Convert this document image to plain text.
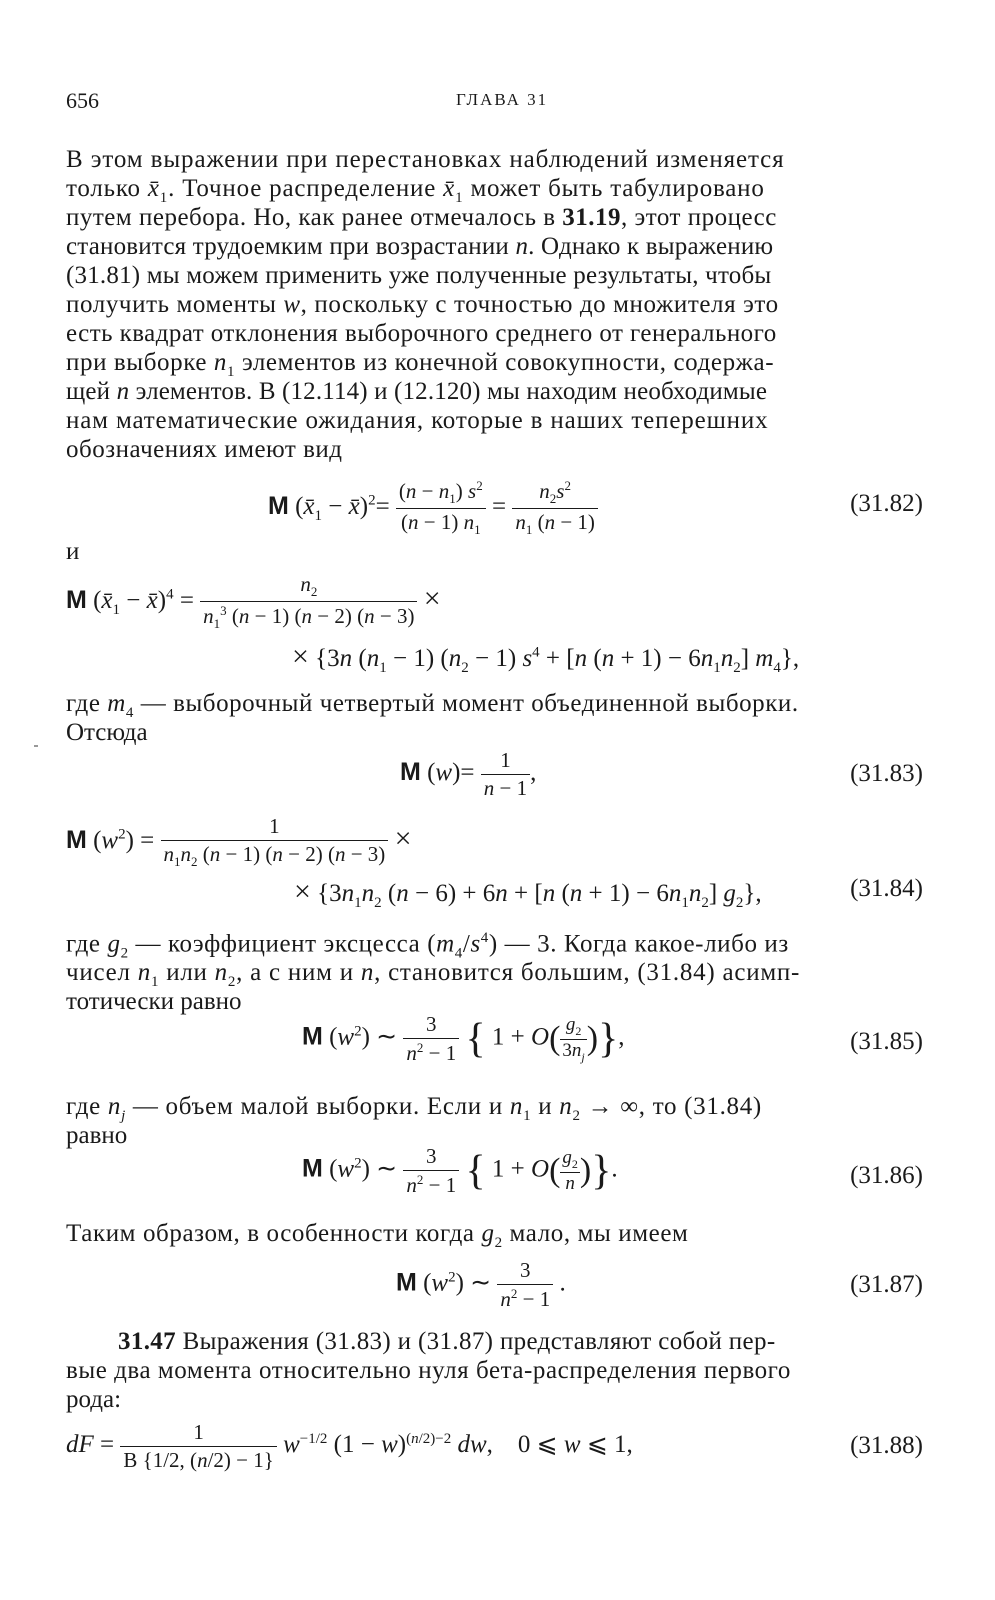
656	ГЛАВА 31
В этом выражении при перестановках наблюдений изменяется
только $x̄_1$. Точное распределение $x̄_1$ может быть табулировано
путем перебора. Но, как ранее отмечалось в 31.19, этот процесс
становится трудоемким при возрастании n. Однако к выражению
(31.81) мы можем применить уже полученные результаты, чтобы
получить моменты w, поскольку с точностью до множителя это
есть квадрат отклонения выборочного среднего от генерального
при выборке $n_1$ элементов из конечной совокупности, содержа-
щей n элементов. В (12.114) и (12.120) мы находим необходимые
нам математические ожидания, которые в наших теперешних
обозначениях имеют вид
M ($x̄_1$ − x̄)$^2$= $\frac{(n - n_1) s^2}{(n - 1) n_1} = \frac{n_2s^2}{n_1 (n - 1)}$	(31.82)
и
M ($x̄_1$ − x̄)$^4$ = $\frac{n_2}{n_1^3 (n - 1) (n - 2) (n - 3)}$ ×
× {3n $(n_1 - 1) (n_2 - 1) s^4 + [n$ $(n + 1) - 6n_1n_2$] $m_4$},
где $m_4$ — выборочный четвертый момент объединенной выборки.
Отсюда
M $(w)= \frac{1}{n - 1}$ ,	(31.83)
M $(w^2) = \frac{1}{n_1n_2 (n - 1) (n - 2) (n - 3)}$ ×
× {$3n_1n_2$ (n − 6) + 6n + [n $(n + 1) - 6n_1n_2$] $g_2$},	(31.84)
где $g_2$ — коэффициент эксцесса $(m_4/s^4)$ — 3. Когда какое-либо из
чисел $n_1$ или $n_2$, а с ним и n, становится большим, (31.84) асимп-
тотически равно
M $(w^2)$ ∼ $\frac{3}{n^2 - 1}$ { $1 + O( \frac{g_2}{3n_j}$ )},	(31.85)
где $n_j$ — объем малой выборки. Если и $n_1$ и $n_2$ → ∞, то (31.84)
равно
M $(w^2)$ ∼ $\frac{3}{n^2 - 1}$ { $1 + O( \frac{g_2}{n}$ )}.	(31.86)
Таким образом, в особенности когда $g_2$ мало, мы имеем
M $(w^2)$ ∼ $\frac{3}{n^2 - 1}$ .	(31.87)
31.47 Выражения (31.83) и (31.87) представляют собой пер-
вые два момента относительно нуля бета-распределения первого
рода:
dF = $\frac{1}{B \{1/2, (n/2) - 1\}} w^{-1/2}$ $(1 - w)^{(n/2)-2}$ dw,    0 ⩽ w ⩽ 1,	(31.88)
